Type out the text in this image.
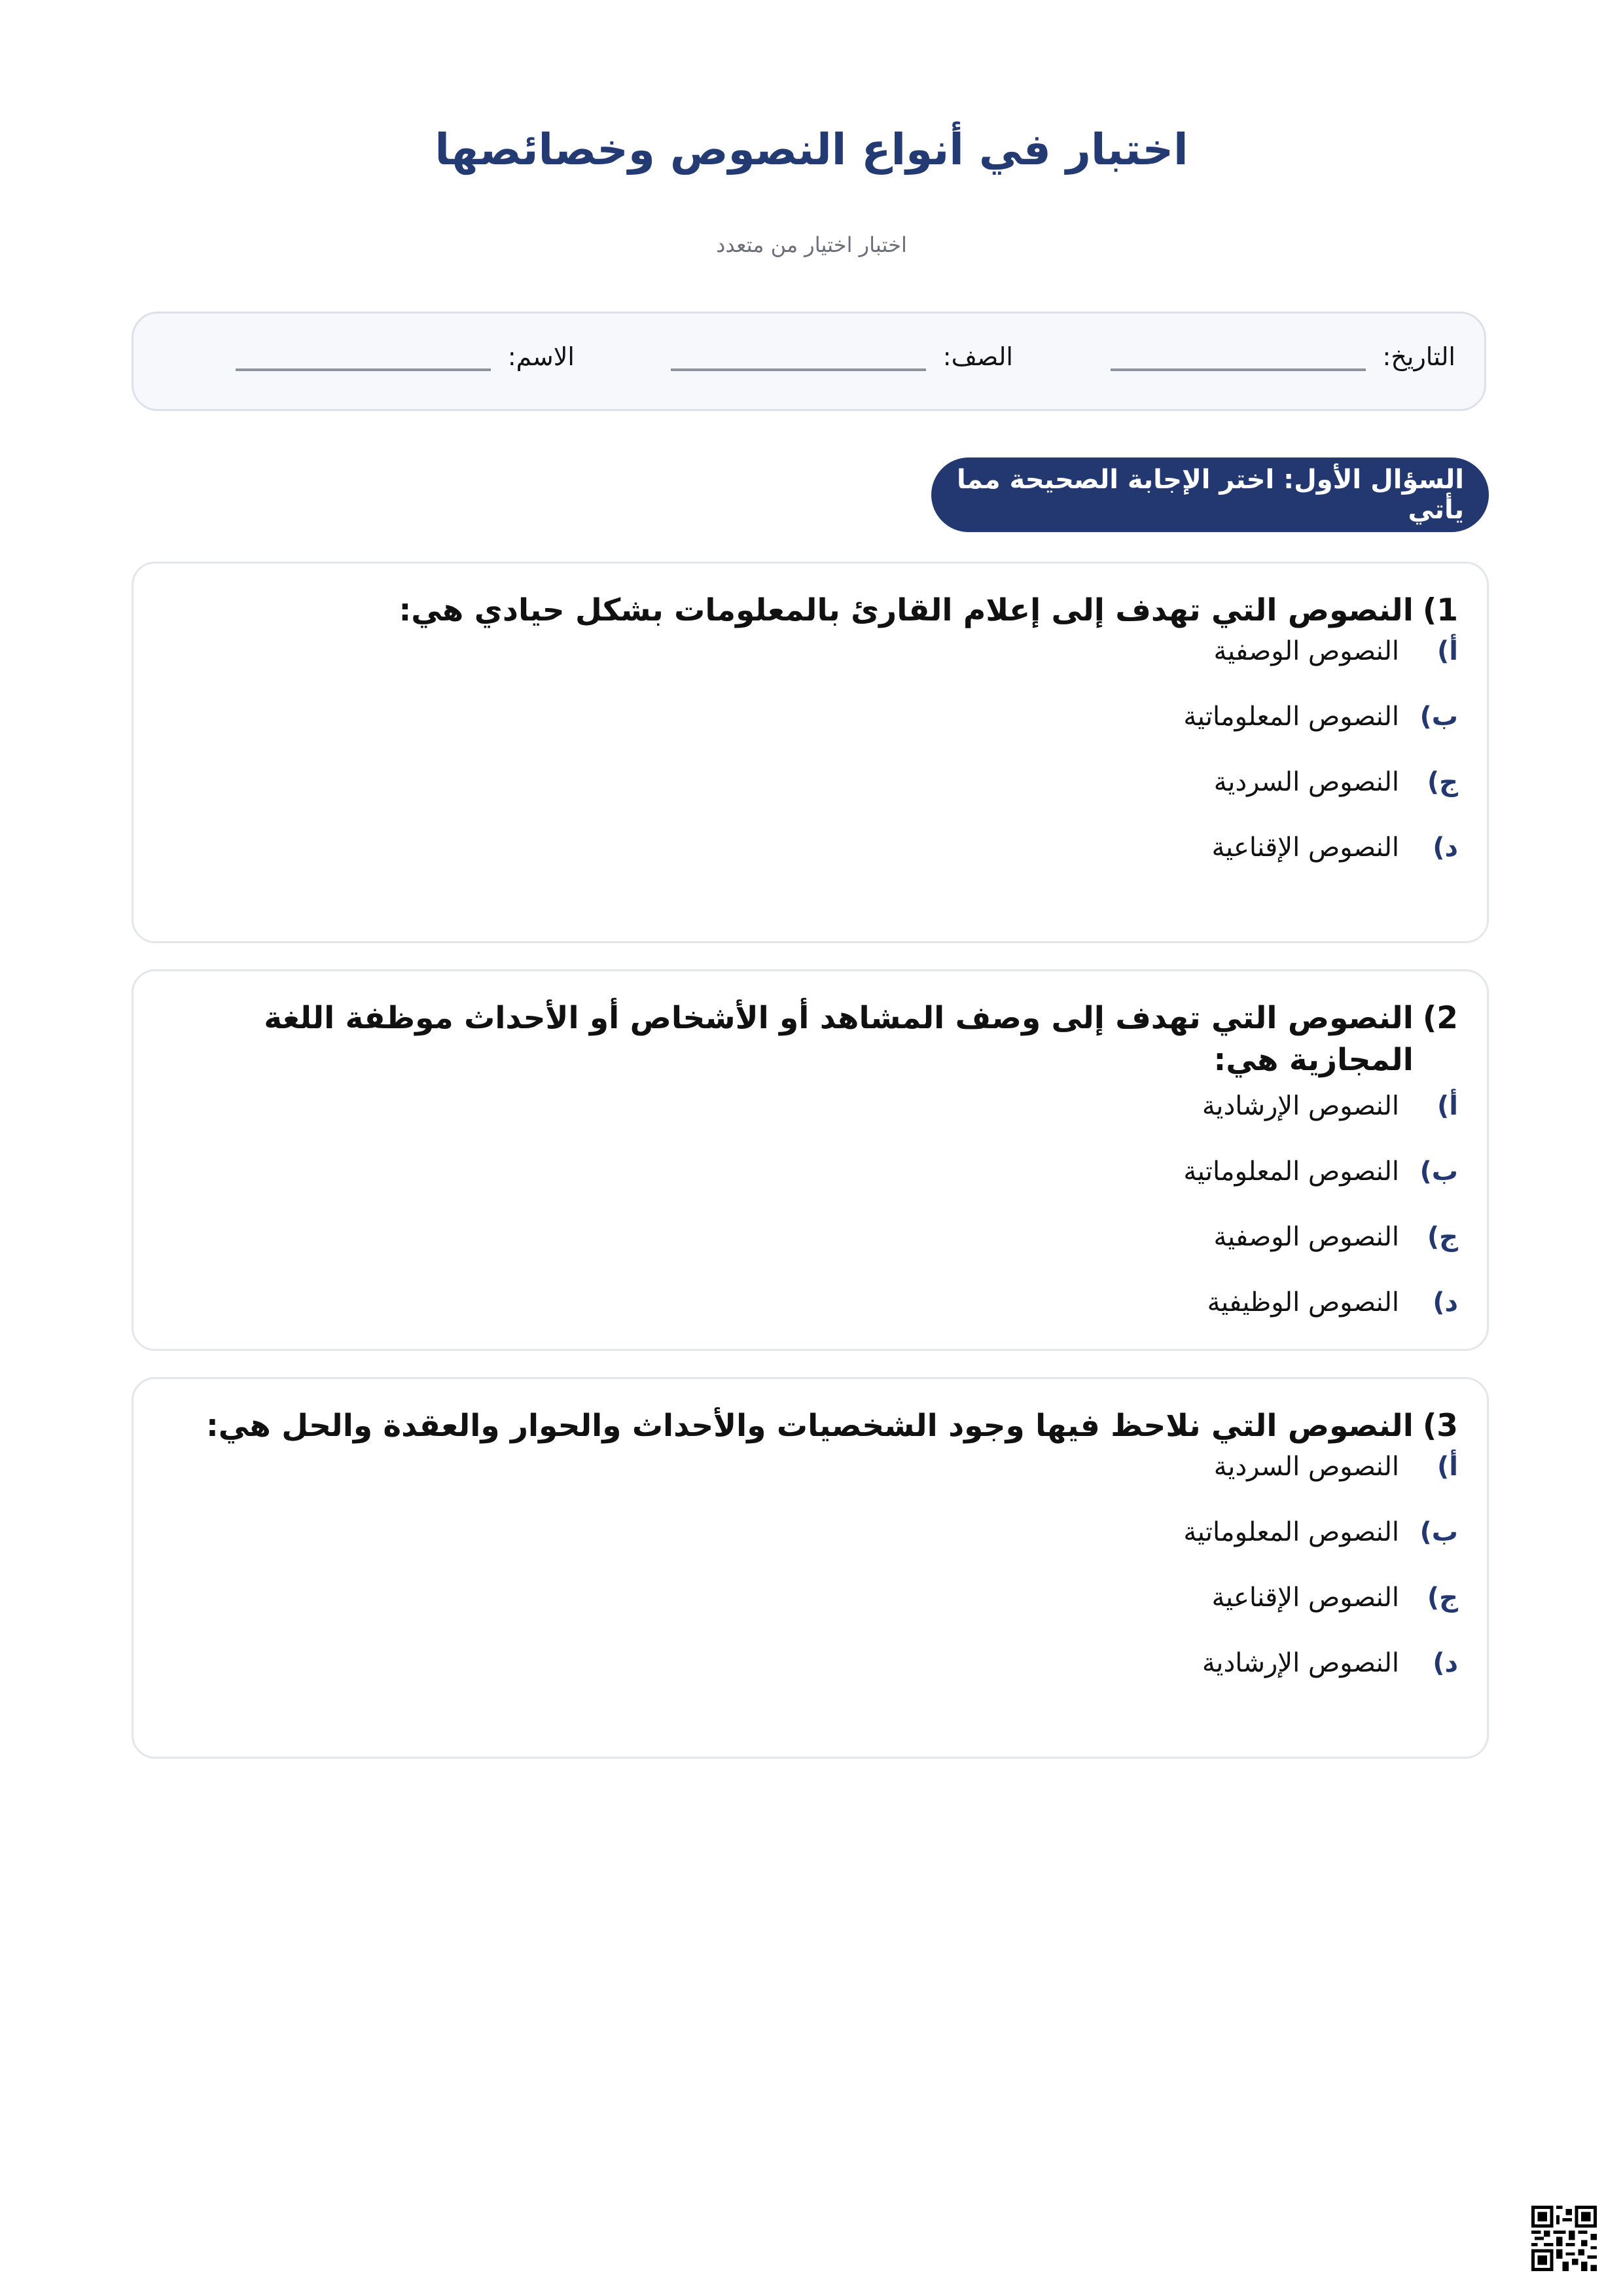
اختبار في أنواع النصوص وخصائصها
اختبار اختيار من متعدد
التاريخ:
الصف:
الاسم:
السؤال الأول: اختر الإجابة الصحيحة مما يأتي
1)
النصوص التي تهدف إلى إعلام القارئ بالمعلومات بشكل حيادي هي:
أ)
النصوص الوصفية
ب)
النصوص المعلوماتية
ج)
النصوص السردية
د)
النصوص الإقناعية
2)
النصوص التي تهدف إلى وصف المشاهد أو الأشخاص أو الأحداث موظفة اللغة المجازية هي:
أ)
النصوص الإرشادية
ب)
النصوص المعلوماتية
ج)
النصوص الوصفية
د)
النصوص الوظيفية
3)
النصوص التي نلاحظ فيها وجود الشخصيات والأحداث والحوار والعقدة والحل هي:
أ)
النصوص السردية
ب)
النصوص المعلوماتية
ج)
النصوص الإقناعية
د)
النصوص الإرشادية
